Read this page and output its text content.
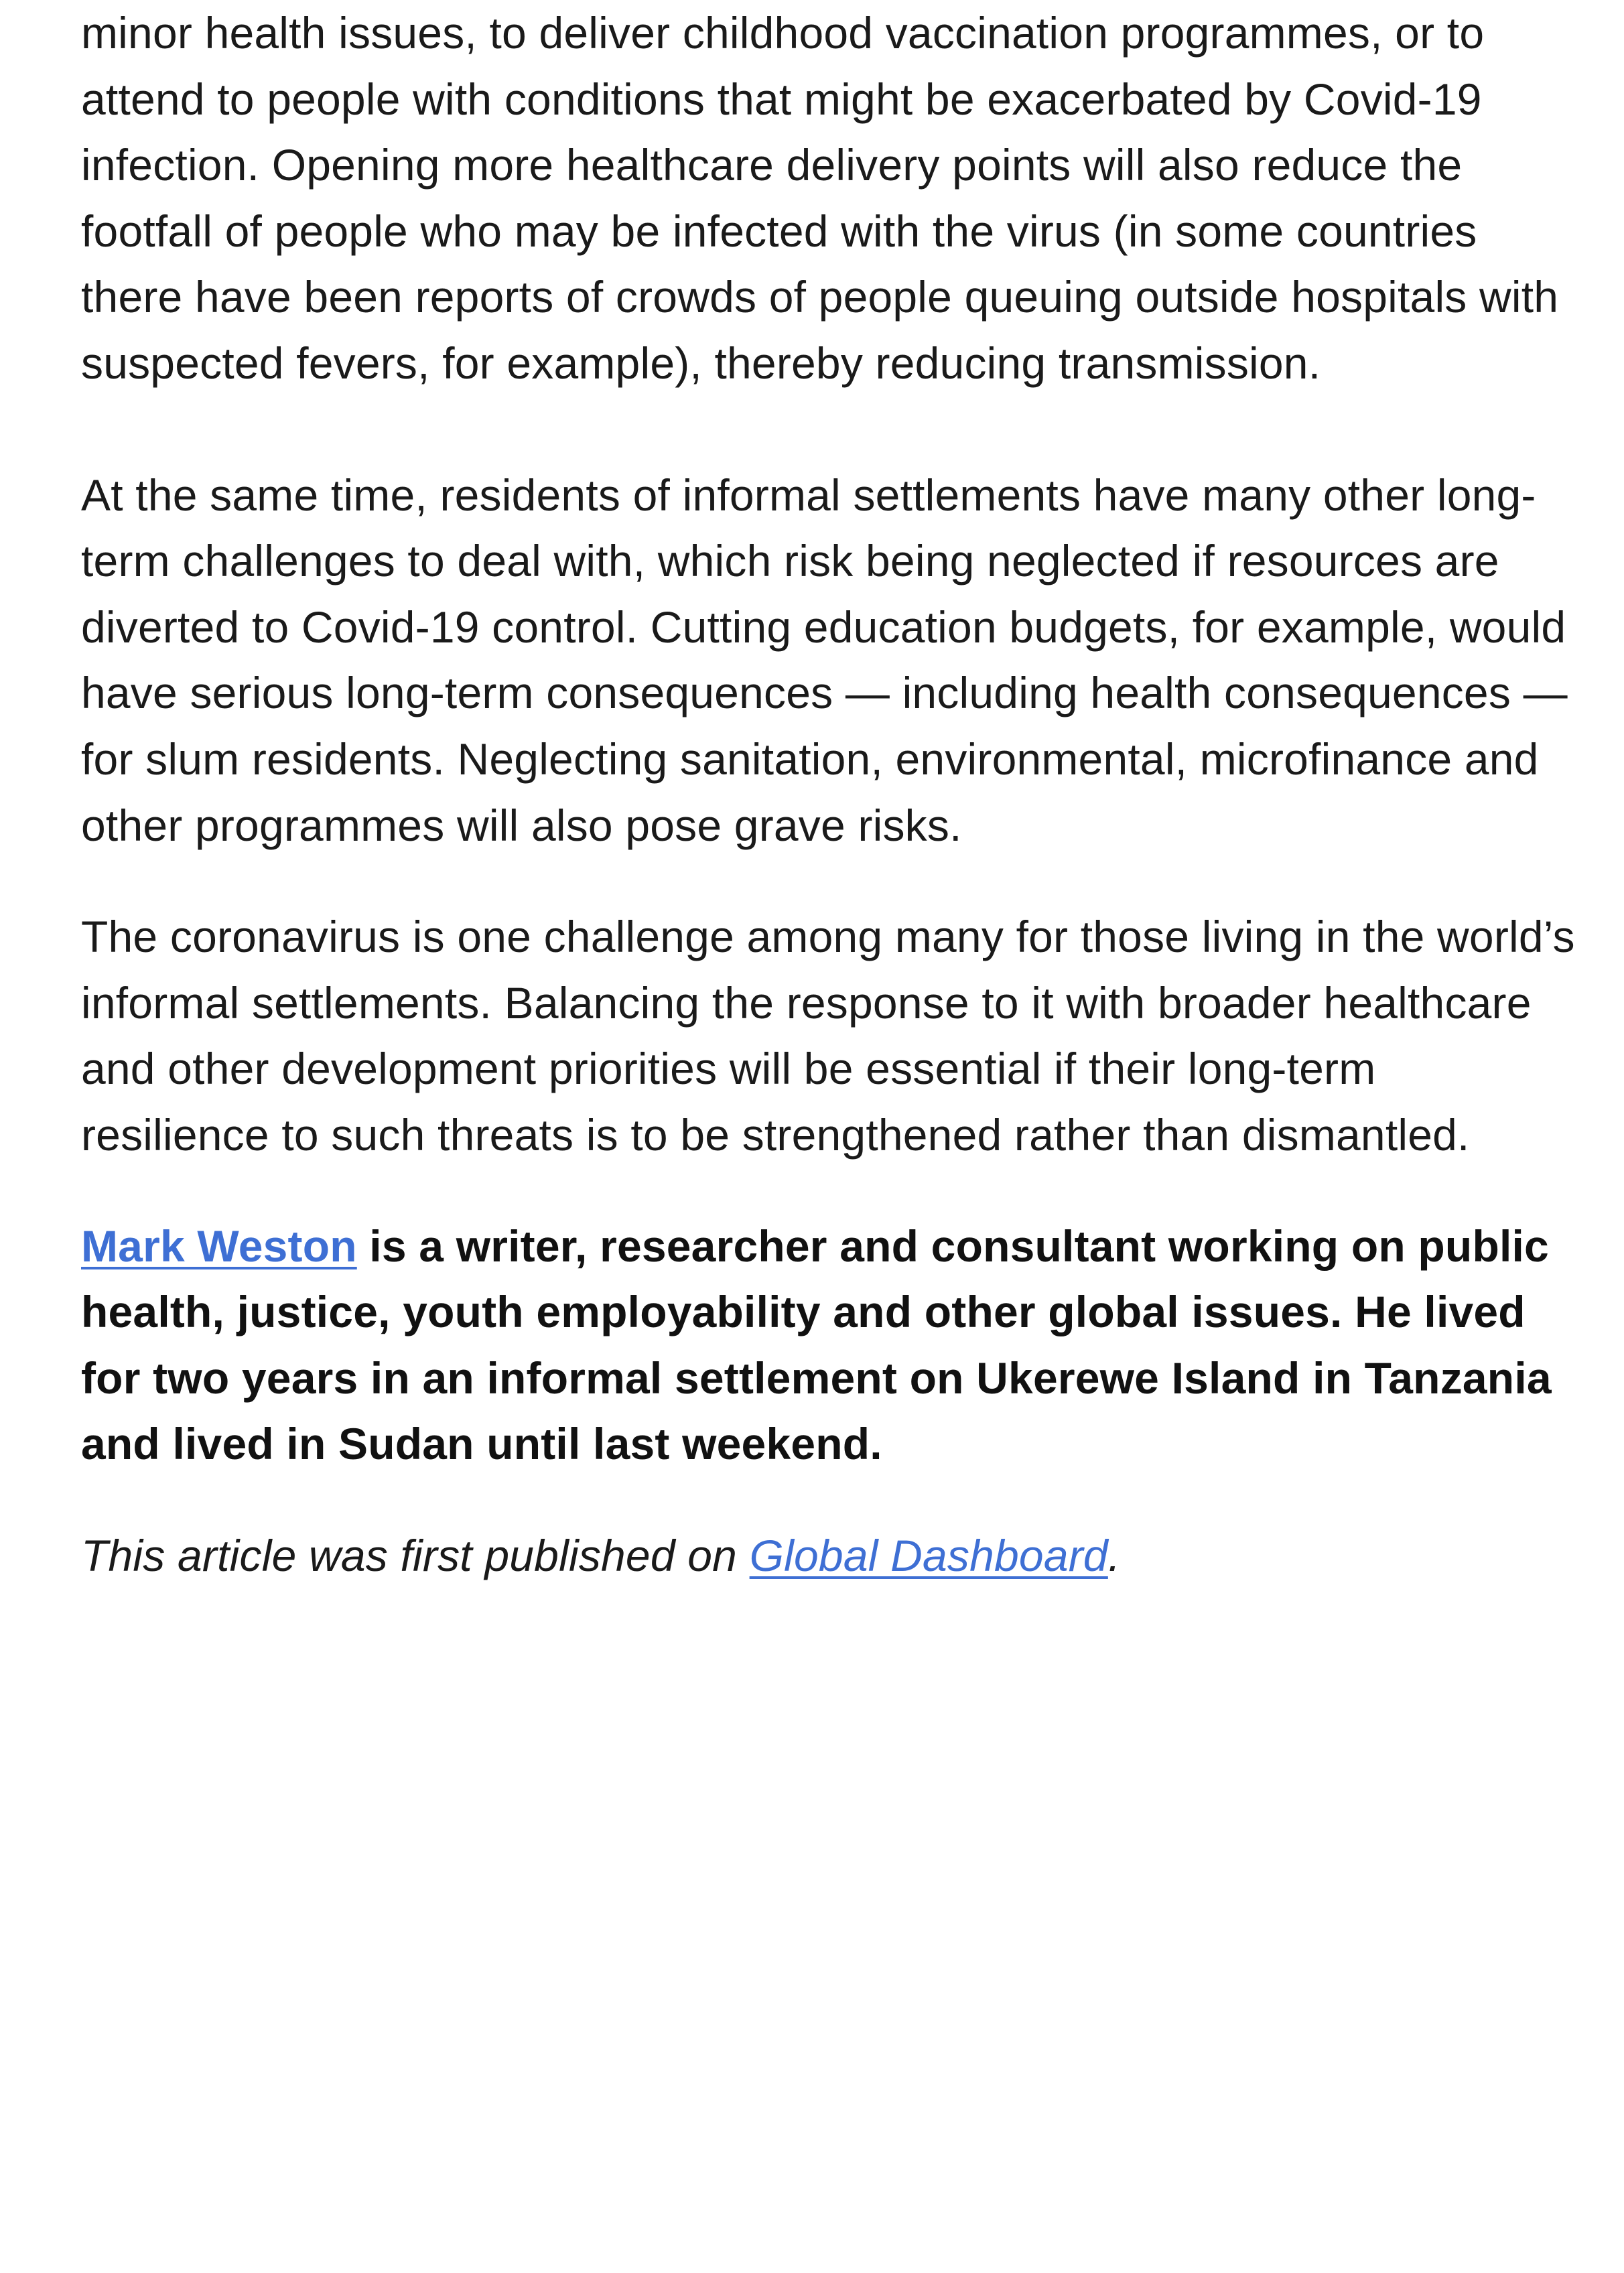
minor health issues, to deliver childhood vaccination programmes, or to attend to people with conditions that might be exacerbated by Covid-19 infection. Opening more healthcare delivery points will also reduce the footfall of people who may be infected with the virus (in some countries there have been reports of crowds of people queuing outside hospitals with suspected fevers, for example), thereby reducing transmission.

At the same time, residents of informal settlements have many other long-term challenges to deal with, which risk being neglected if resources are diverted to Covid-19 control. Cutting education budgets, for example, would have serious long-term consequences — including health consequences — for slum residents. Neglecting sanitation, environmental, microfinance and other programmes will also pose grave risks.

The coronavirus is one challenge among many for those living in the world’s informal settlements. Balancing the response to it with broader healthcare and other development priorities will be essential if their long-term resilience to such threats is to be strengthened rather than dismantled.

Mark Weston is a writer, researcher and consultant working on public health, justice, youth employability and other global issues. He lived for two years in an informal settlement on Ukerewe Island in Tanzania and lived in Sudan until last weekend.

This article was first published on Global Dashboard.
